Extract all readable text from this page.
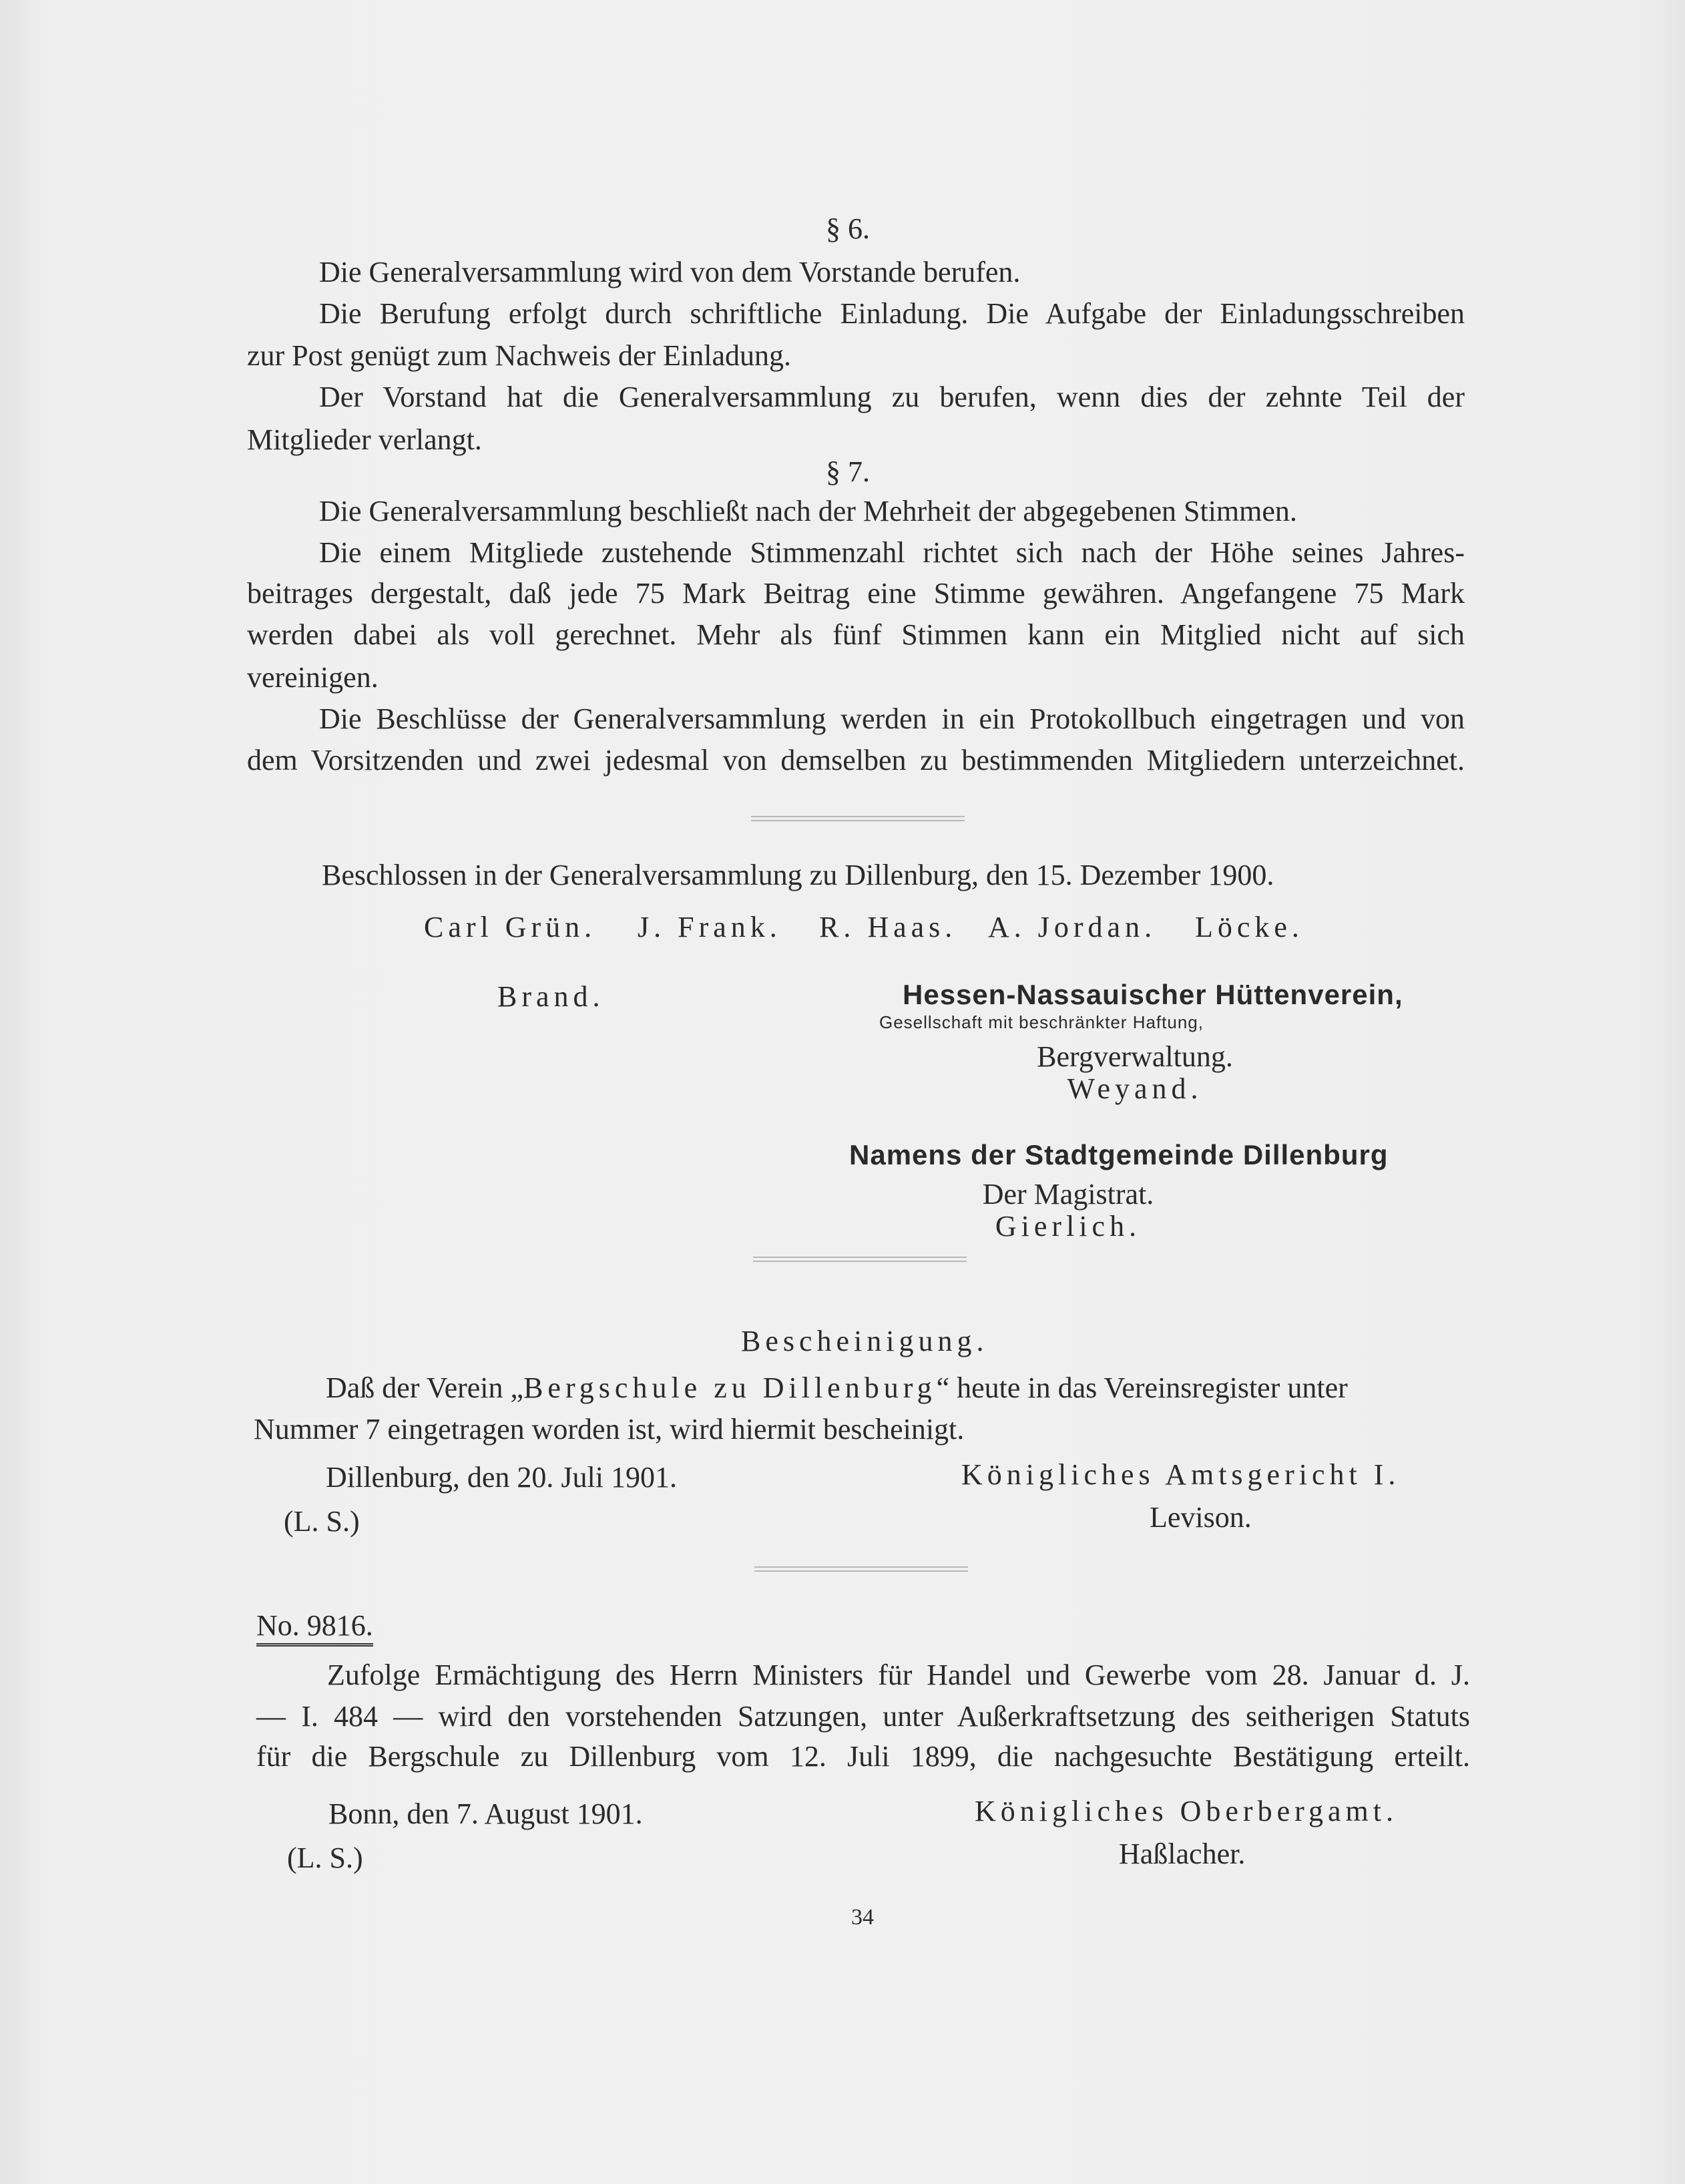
§ 6.
Die Generalversammlung wird von dem Vorstande berufen.
Die Berufung erfolgt durch schriftliche Einladung. Die Aufgabe der Einladungsschreiben
zur Post genügt zum Nachweis der Einladung.
Der Vorstand hat die Generalversammlung zu berufen, wenn dies der zehnte Teil der
Mitglieder verlangt.
§ 7.
Die Generalversammlung beschließt nach der Mehrheit der abgegebenen Stimmen.
Die einem Mitgliede zustehende Stimmenzahl richtet sich nach der Höhe seines Jahres-
beitrages dergestalt, daß jede 75 Mark Beitrag eine Stimme gewähren. Angefangene 75 Mark
werden dabei als voll gerechnet. Mehr als fünf Stimmen kann ein Mitglied nicht auf sich
vereinigen.
Die Beschlüsse der Generalversammlung werden in ein Protokollbuch eingetragen und von
dem Vorsitzenden und zwei jedesmal von demselben zu bestimmenden Mitgliedern unterzeichnet.
Beschlossen in der Generalversammlung zu Dillenburg, den 15. Dezember 1900.
Carl Grün. J. Frank. R. Haas. A. Jordan. Löcke.
Brand.	Hessen-Nassauischer Hüttenverein,
Gesellschaft mit beschränkter Haftung,
Bergverwaltung.
Weyand.
Namens der Stadtgemeinde Dillenburg
Der Magistrat.
Gierlich.
Bescheinigung.
Daß der Verein „Bergschule zu Dillenburg“ heute in das Vereinsregister unter
Nummer 7 eingetragen worden ist, wird hiermit bescheinigt.
Dillenburg, den 20. Juli 1901.
(L. S.)
Königliches Amtsgericht I.
Levison.
No. 9816.
Zufolge Ermächtigung des Herrn Ministers für Handel und Gewerbe vom 28. Januar d. J.
— I. 484 — wird den vorstehenden Satzungen, unter Außerkraftsetzung des seitherigen Statuts
für die Bergschule zu Dillenburg vom 12. Juli 1899, die nachgesuchte Bestätigung erteilt.
Bonn, den 7. August 1901.
(L. S.)
Königliches Oberbergamt.
Haßlacher.
34
